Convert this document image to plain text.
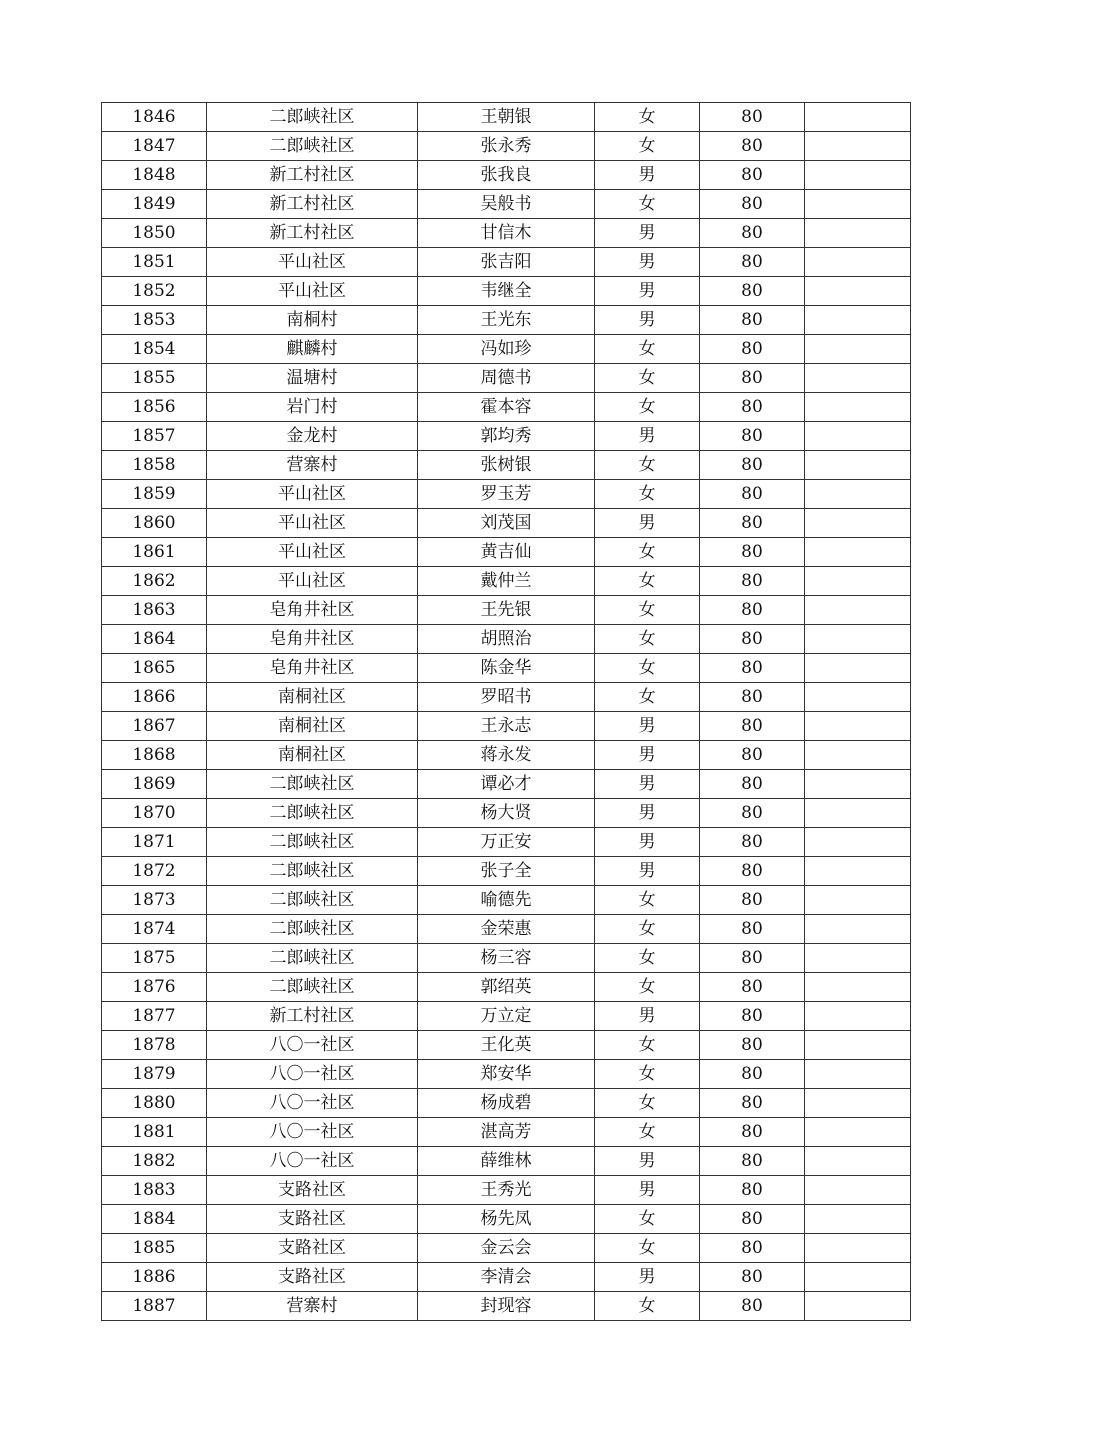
1846	二郎峡社区	王朝银	女	80	
1847	二郎峡社区	张永秀	女	80	
1848	新工村社区	张我良	男	80	
1849	新工村社区	吴般书	女	80	
1850	新工村社区	甘信木	男	80	
1851	平山社区	张吉阳	男	80	
1852	平山社区	韦继全	男	80	
1853	南桐村	王光东	男	80	
1854	麒麟村	冯如珍	女	80	
1855	温塘村	周德书	女	80	
1856	岩门村	霍本容	女	80	
1857	金龙村	郭均秀	男	80	
1858	营寨村	张树银	女	80	
1859	平山社区	罗玉芳	女	80	
1860	平山社区	刘茂国	男	80	
1861	平山社区	黄吉仙	女	80	
1862	平山社区	戴仲兰	女	80	
1863	皂角井社区	王先银	女	80	
1864	皂角井社区	胡照治	女	80	
1865	皂角井社区	陈金华	女	80	
1866	南桐社区	罗昭书	女	80	
1867	南桐社区	王永志	男	80	
1868	南桐社区	蒋永发	男	80	
1869	二郎峡社区	谭必才	男	80	
1870	二郎峡社区	杨大贤	男	80	
1871	二郎峡社区	万正安	男	80	
1872	二郎峡社区	张子全	男	80	
1873	二郎峡社区	喻德先	女	80	
1874	二郎峡社区	金荣惠	女	80	
1875	二郎峡社区	杨三容	女	80	
1876	二郎峡社区	郭绍英	女	80	
1877	新工村社区	万立定	男	80	
1878	八〇一社区	王化英	女	80	
1879	八〇一社区	郑安华	女	80	
1880	八〇一社区	杨成碧	女	80	
1881	八〇一社区	湛高芳	女	80	
1882	八〇一社区	薛维林	男	80	
1883	支路社区	王秀光	男	80	
1884	支路社区	杨先凤	女	80	
1885	支路社区	金云会	女	80	
1886	支路社区	李清会	男	80	
1887	营寨村	封现容	女	80	
